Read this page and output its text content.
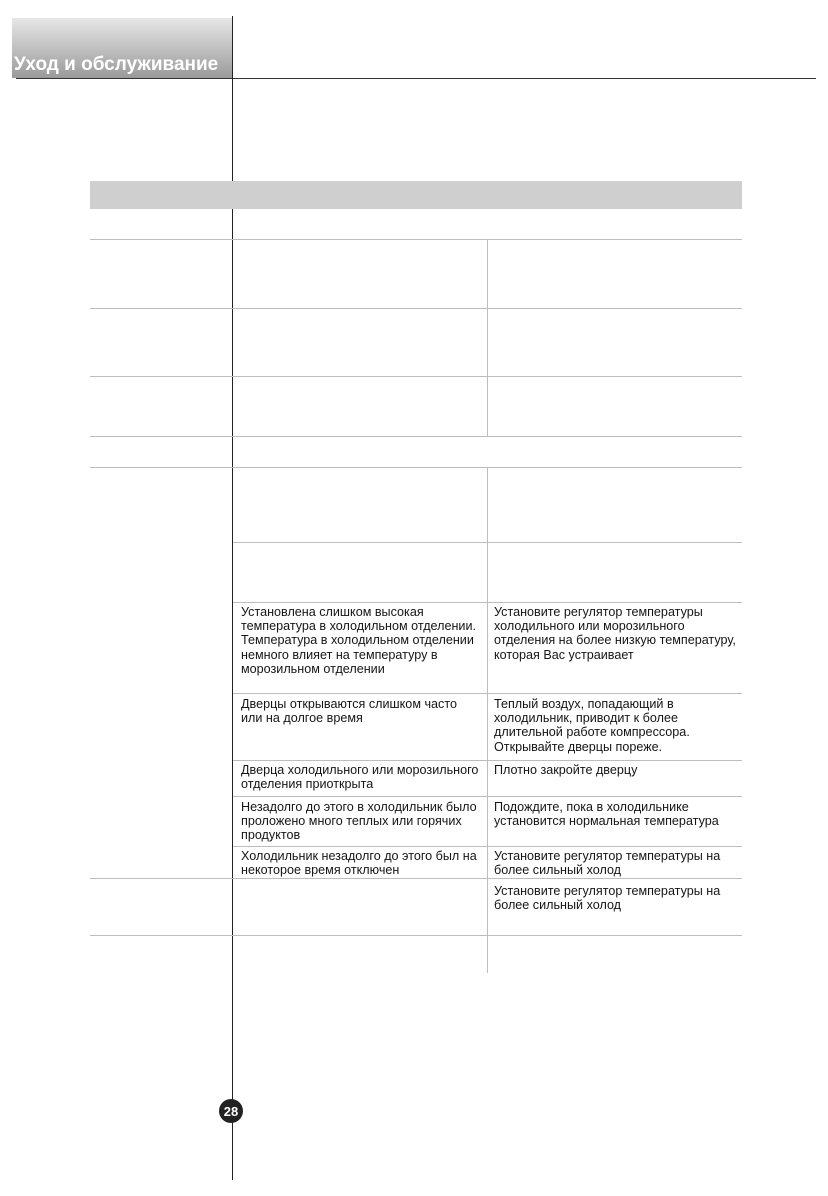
Уход и обслуживание
Установлена слишком высокая температура в холодильном отделении. Температура в холодильном отделении немного влияет на температуру в морозильном отделении
Установите регулятор температуры холодильного или морозильного отделения на более низкую температуру, которая Вас устраивает
Дверцы открываются слишком часто или на долгое время
Теплый воздух, попадающий в холодильник, приводит к более длительной работе компрессора. Открывайте дверцы пореже.
Дверца холодильного или морозильного отделения приоткрыта
Плотно закройте дверцу
Незадолго до этого в холодильник было проложено много теплых или горячих продуктов
Подождите, пока в холодильнике установится нормальная температура
Холодильник незадолго до этого был на некоторое время отключен
Установите регулятор температуры на более сильный холод
Установите регулятор температуры на более сильный холод
28
